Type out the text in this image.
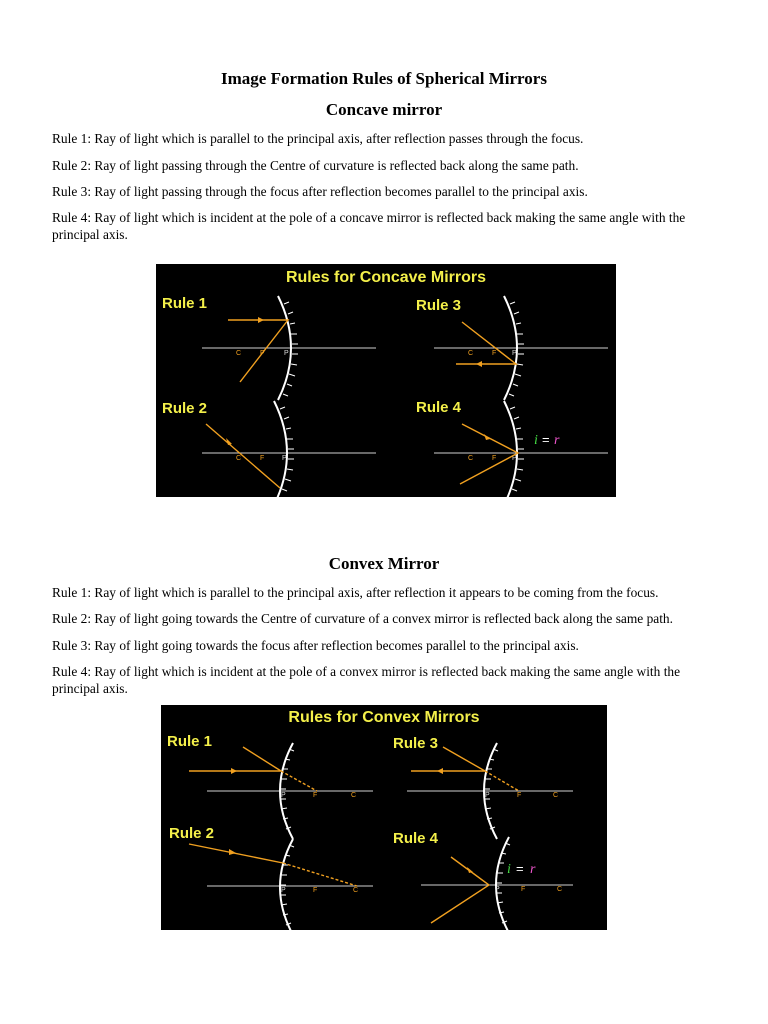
Image Formation Rules of Spherical Mirrors
Concave mirror
Rule 1: Ray of light which is parallel to the principal axis, after reflection passes through the focus.
Rule 2: Ray of light passing through the Centre of curvature is reflected back along the same path.
Rule 3: Ray of light passing through the focus after reflection becomes parallel to the principal axis.
Rule 4: Ray of light which is incident at the pole of a concave mirror is reflected back making the same angle with the principal axis.
Rules for Concave Mirrors
Rule 1
C	F	P
Rule 3
C	F P
Rule 2
C	F	P
Rule 4
C	F P
i = r
Convex Mirror
Rule 1: Ray of light which is parallel to the principal axis, after reflection it appears to be coming from the focus.
Rule 2: Ray of light going towards the Centre of curvature of a convex mirror is reflected back along the same path.
Rule 3: Ray of light going towards the focus after reflection becomes parallel to the principal axis.
Rule 4: Ray of light which is incident at the pole of a convex mirror is reflected back making the same angle with the principal axis.
Rules for Convex Mirrors
Rule 1
P	F	C
Rule 3
P	F	C
Rule 2
P	F	C
Rule 4
P	F	C
i = r
